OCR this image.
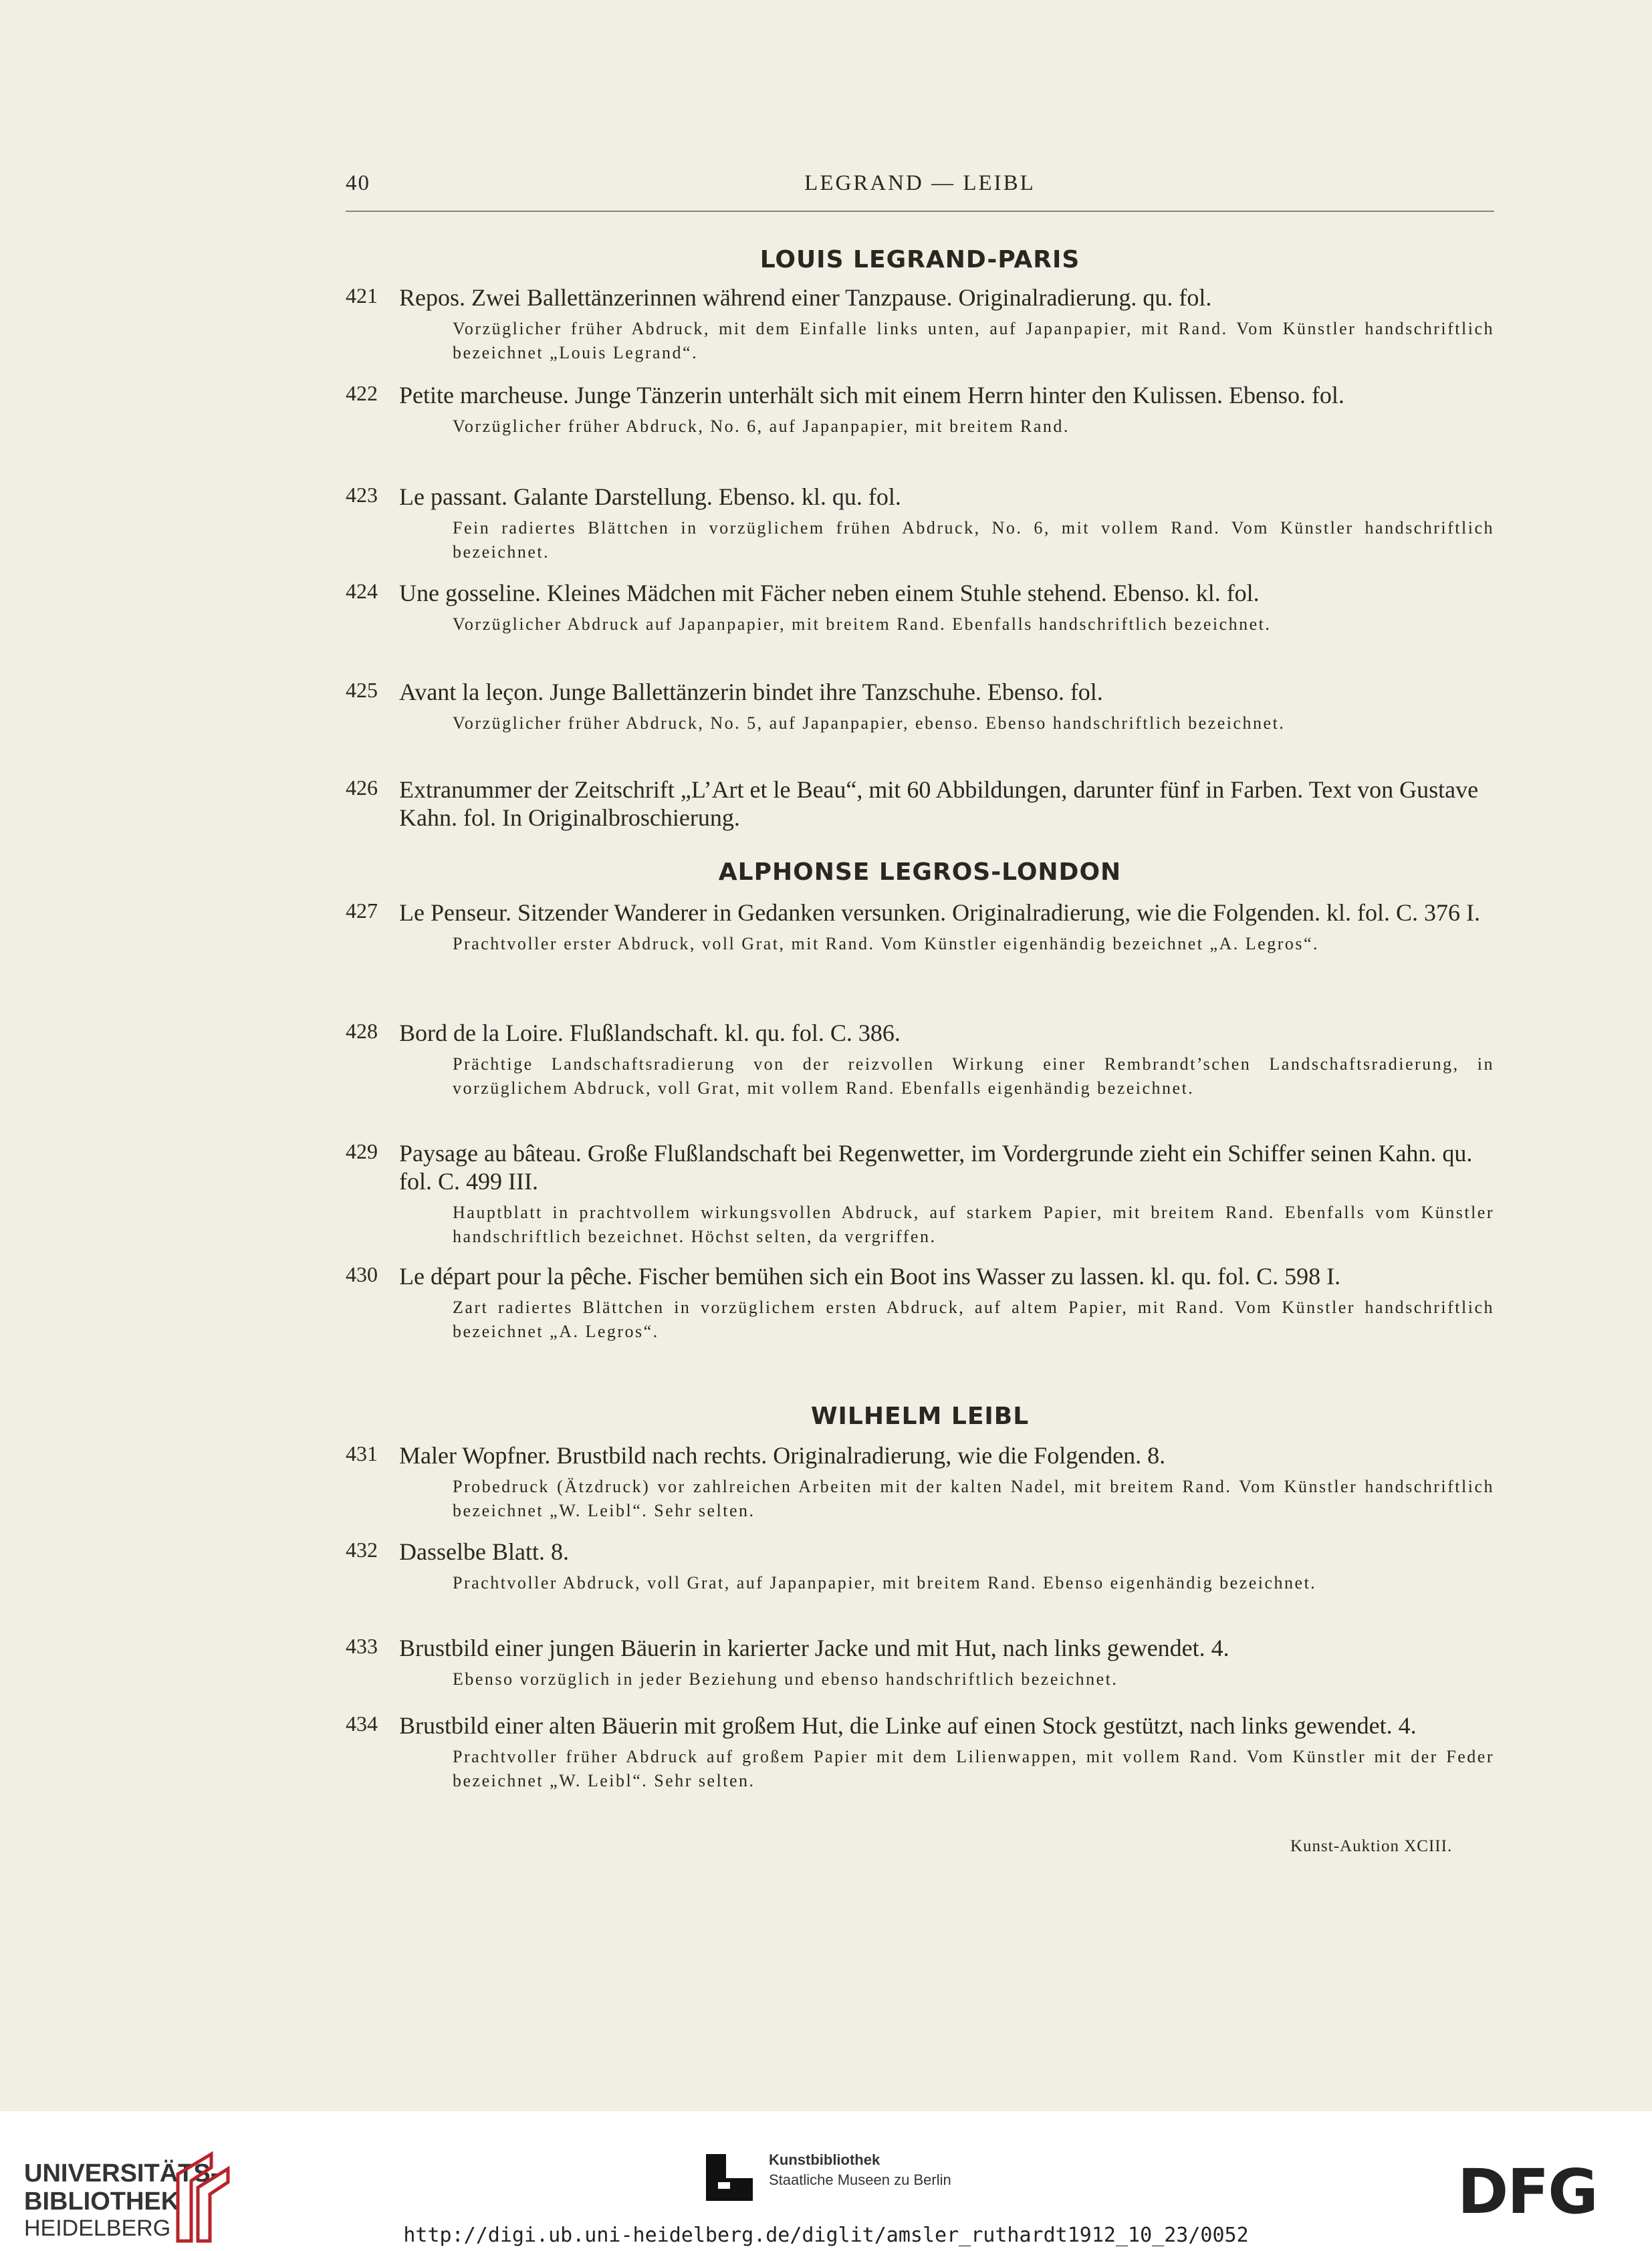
40	LEGRAND — LEIBL
LOUIS LEGRAND-PARIS
421 Repos. Zwei Ballettänzerinnen während einer Tanzpause. Originalradierung. qu. fol.
Vorzüglicher früher Abdruck, mit dem Einfalle links unten, auf Japanpapier, mit Rand. Vom Künstler handschriftlich bezeichnet „Louis Legrand“.
422 Petite marcheuse. Junge Tänzerin unterhält sich mit einem Herrn hinter den Kulissen. Ebenso. fol.
Vorzüglicher früher Abdruck, No. 6, auf Japanpapier, mit breitem Rand.
423 Le passant. Galante Darstellung. Ebenso. kl. qu. fol.
Fein radiertes Blättchen in vorzüglichem frühen Abdruck, No. 6, mit vollem Rand. Vom Künstler handschriftlich bezeichnet.
424 Une gosseline. Kleines Mädchen mit Fächer neben einem Stuhle stehend. Ebenso. kl. fol.
Vorzüglicher Abdruck auf Japanpapier, mit breitem Rand. Ebenfalls handschriftlich bezeichnet.
425 Avant la leçon. Junge Ballettänzerin bindet ihre Tanzschuhe. Ebenso. fol.
Vorzüglicher früher Abdruck, No. 5, auf Japanpapier, ebenso. Ebenso handschriftlich bezeichnet.
426 Extranummer der Zeitschrift „L’Art et le Beau“, mit 60 Abbildungen, darunter fünf in Farben. Text von Gustave Kahn. fol. In Originalbroschierung.
ALPHONSE LEGROS-LONDON
427 Le Penseur. Sitzender Wanderer in Gedanken versunken. Originalradierung, wie die Folgenden. kl. fol. C. 376 I.
Prachtvoller erster Abdruck, voll Grat, mit Rand. Vom Künstler eigenhändig bezeichnet „A. Legros“.
428 Bord de la Loire. Flußlandschaft. kl. qu. fol. C. 386.
Prächtige Landschaftsradierung von der reizvollen Wirkung einer Rembrandt’schen Landschaftsradierung, in vorzüglichem Abdruck, voll Grat, mit vollem Rand. Ebenfalls eigenhändig bezeichnet.
429 Paysage au bâteau. Große Flußlandschaft bei Regenwetter, im Vordergrunde zieht ein Schiffer seinen Kahn. qu. fol. C. 499 III.
Hauptblatt in prachtvollem wirkungsvollen Abdruck, auf starkem Papier, mit breitem Rand. Ebenfalls vom Künstler handschriftlich bezeichnet. Höchst selten, da vergriffen.
430 Le départ pour la pêche. Fischer bemühen sich ein Boot ins Wasser zu lassen. kl. qu. fol. C. 598 I.
Zart radiertes Blättchen in vorzüglichem ersten Abdruck, auf altem Papier, mit Rand. Vom Künstler handschriftlich bezeichnet „A. Legros“.
WILHELM LEIBL
431 Maler Wopfner. Brustbild nach rechts. Originalradierung, wie die Folgenden. 8.
Probedruck (Ätzdruck) vor zahlreichen Arbeiten mit der kalten Nadel, mit breitem Rand. Vom Künstler handschriftlich bezeichnet „W. Leibl“. Sehr selten.
432 Dasselbe Blatt. 8.
Prachtvoller Abdruck, voll Grat, auf Japanpapier, mit breitem Rand. Ebenso eigenhändig bezeichnet.
433 Brustbild einer jungen Bäuerin in karierter Jacke und mit Hut, nach links gewendet. 4.
Ebenso vorzüglich in jeder Beziehung und ebenso handschriftlich bezeichnet.
434 Brustbild einer alten Bäuerin mit großem Hut, die Linke auf einen Stock gestützt, nach links gewendet. 4.
Prachtvoller früher Abdruck auf großem Papier mit dem Lilienwappen, mit vollem Rand. Vom Künstler mit der Feder bezeichnet „W. Leibl“. Sehr selten.
Kunst-Auktion XCIII.
UNIVERSITÄTS-
BIBLIOTHEK
HEIDELBERG
Kunstbibliothek
Staatliche Museen zu Berlin	DFG
http://digi.ub.uni-heidelberg.de/diglit/amsler_ruthardt1912_10_23/0052
